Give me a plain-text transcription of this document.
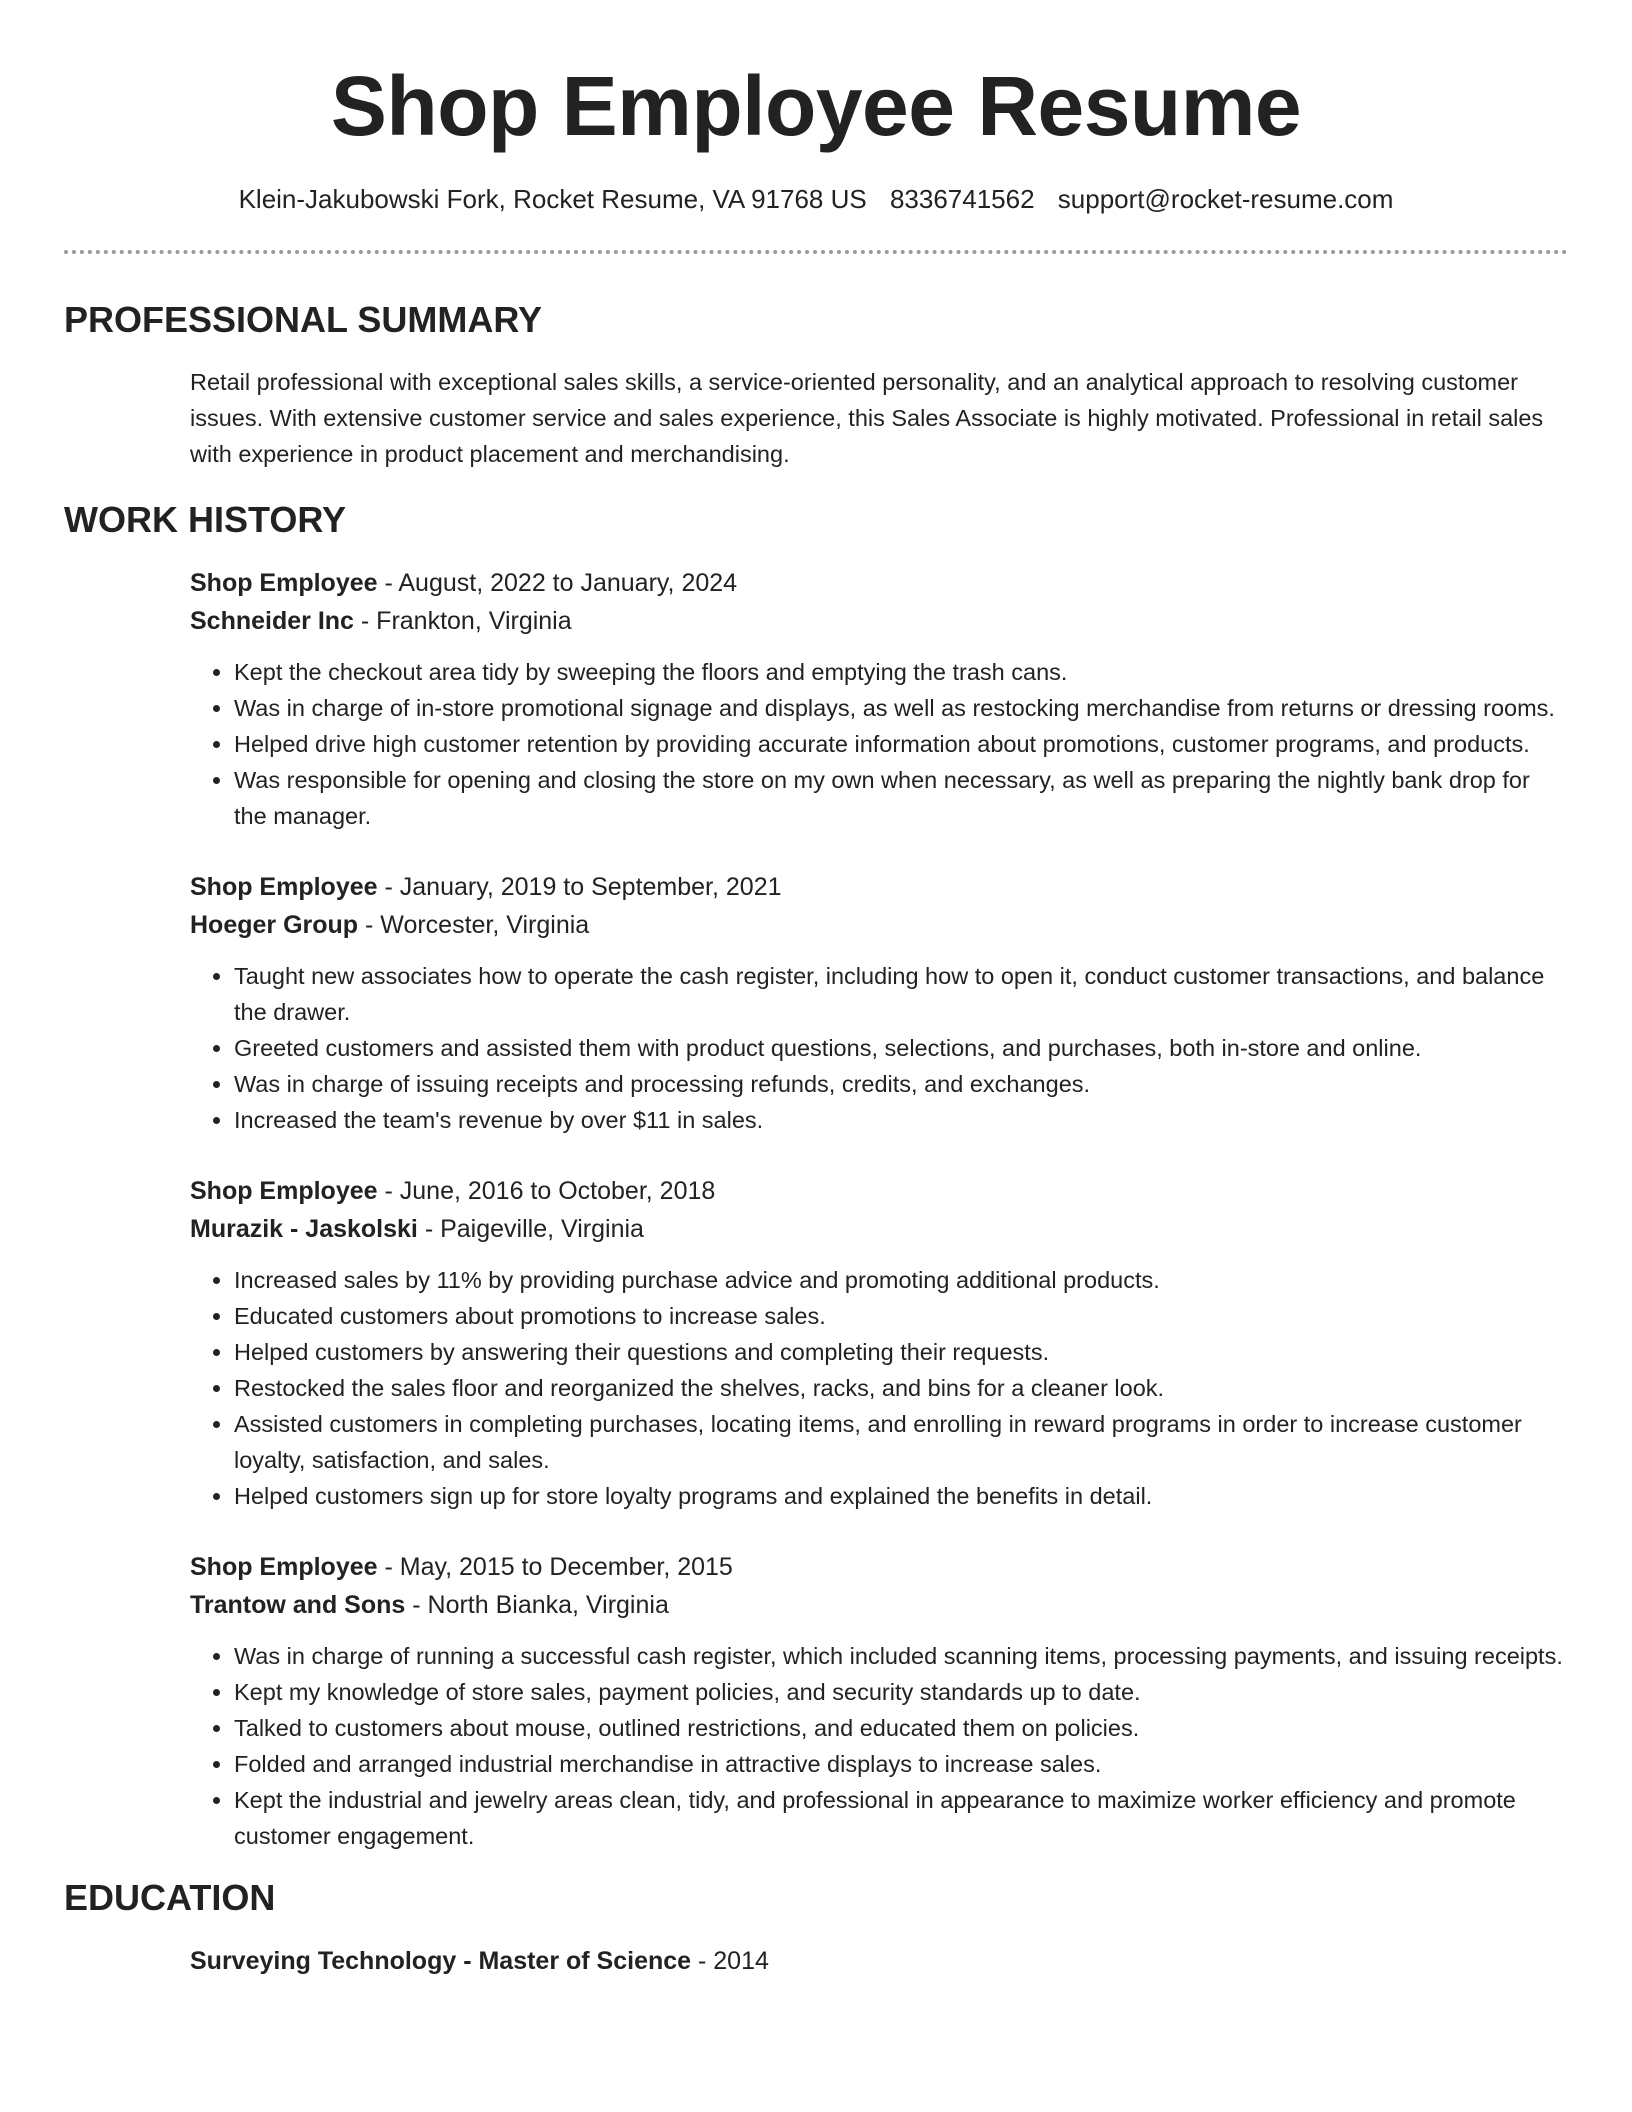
Shop Employee Resume
Klein-Jakubowski Fork, Rocket Resume, VA 91768 US 8336741562 support@rocket-resume.com
PROFESSIONAL SUMMARY

Retail professional with exceptional sales skills, a service-oriented personality, and an analytical approach to resolving customer issues. With extensive customer service and sales experience, this Sales Associate is highly motivated. Professional in retail sales with experience in product placement and merchandising.

WORK HISTORY
Shop Employee - August, 2022 to January, 2024
Schneider Inc - Frankton, Virginia
• Kept the checkout area tidy by sweeping the floors and emptying the trash cans.
• Was in charge of in-store promotional signage and displays, as well as restocking merchandise from returns or dressing rooms.
• Helped drive high customer retention by providing accurate information about promotions, customer programs, and products.
• Was responsible for opening and closing the store on my own when necessary, as well as preparing the nightly bank drop for the manager.
Shop Employee - January, 2019 to September, 2021
Hoeger Group - Worcester, Virginia
• Taught new associates how to operate the cash register, including how to open it, conduct customer transactions, and balance the drawer.
• Greeted customers and assisted them with product questions, selections, and purchases, both in-store and online.
• Was in charge of issuing receipts and processing refunds, credits, and exchanges.
• Increased the team's revenue by over $11 in sales.
Shop Employee - June, 2016 to October, 2018
Murazik - Jaskolski - Paigeville, Virginia
• Increased sales by 11% by providing purchase advice and promoting additional products.
• Educated customers about promotions to increase sales.
• Helped customers by answering their questions and completing their requests.
• Restocked the sales floor and reorganized the shelves, racks, and bins for a cleaner look.
• Assisted customers in completing purchases, locating items, and enrolling in reward programs in order to increase customer loyalty, satisfaction, and sales.
• Helped customers sign up for store loyalty programs and explained the benefits in detail.
Shop Employee - May, 2015 to December, 2015
Trantow and Sons - North Bianka, Virginia
• Was in charge of running a successful cash register, which included scanning items, processing payments, and issuing receipts.
• Kept my knowledge of store sales, payment policies, and security standards up to date.
• Talked to customers about mouse, outlined restrictions, and educated them on policies.
• Folded and arranged industrial merchandise in attractive displays to increase sales.
• Kept the industrial and jewelry areas clean, tidy, and professional in appearance to maximize worker efficiency and promote customer engagement.
EDUCATION
Surveying Technology - Master of Science - 2014
